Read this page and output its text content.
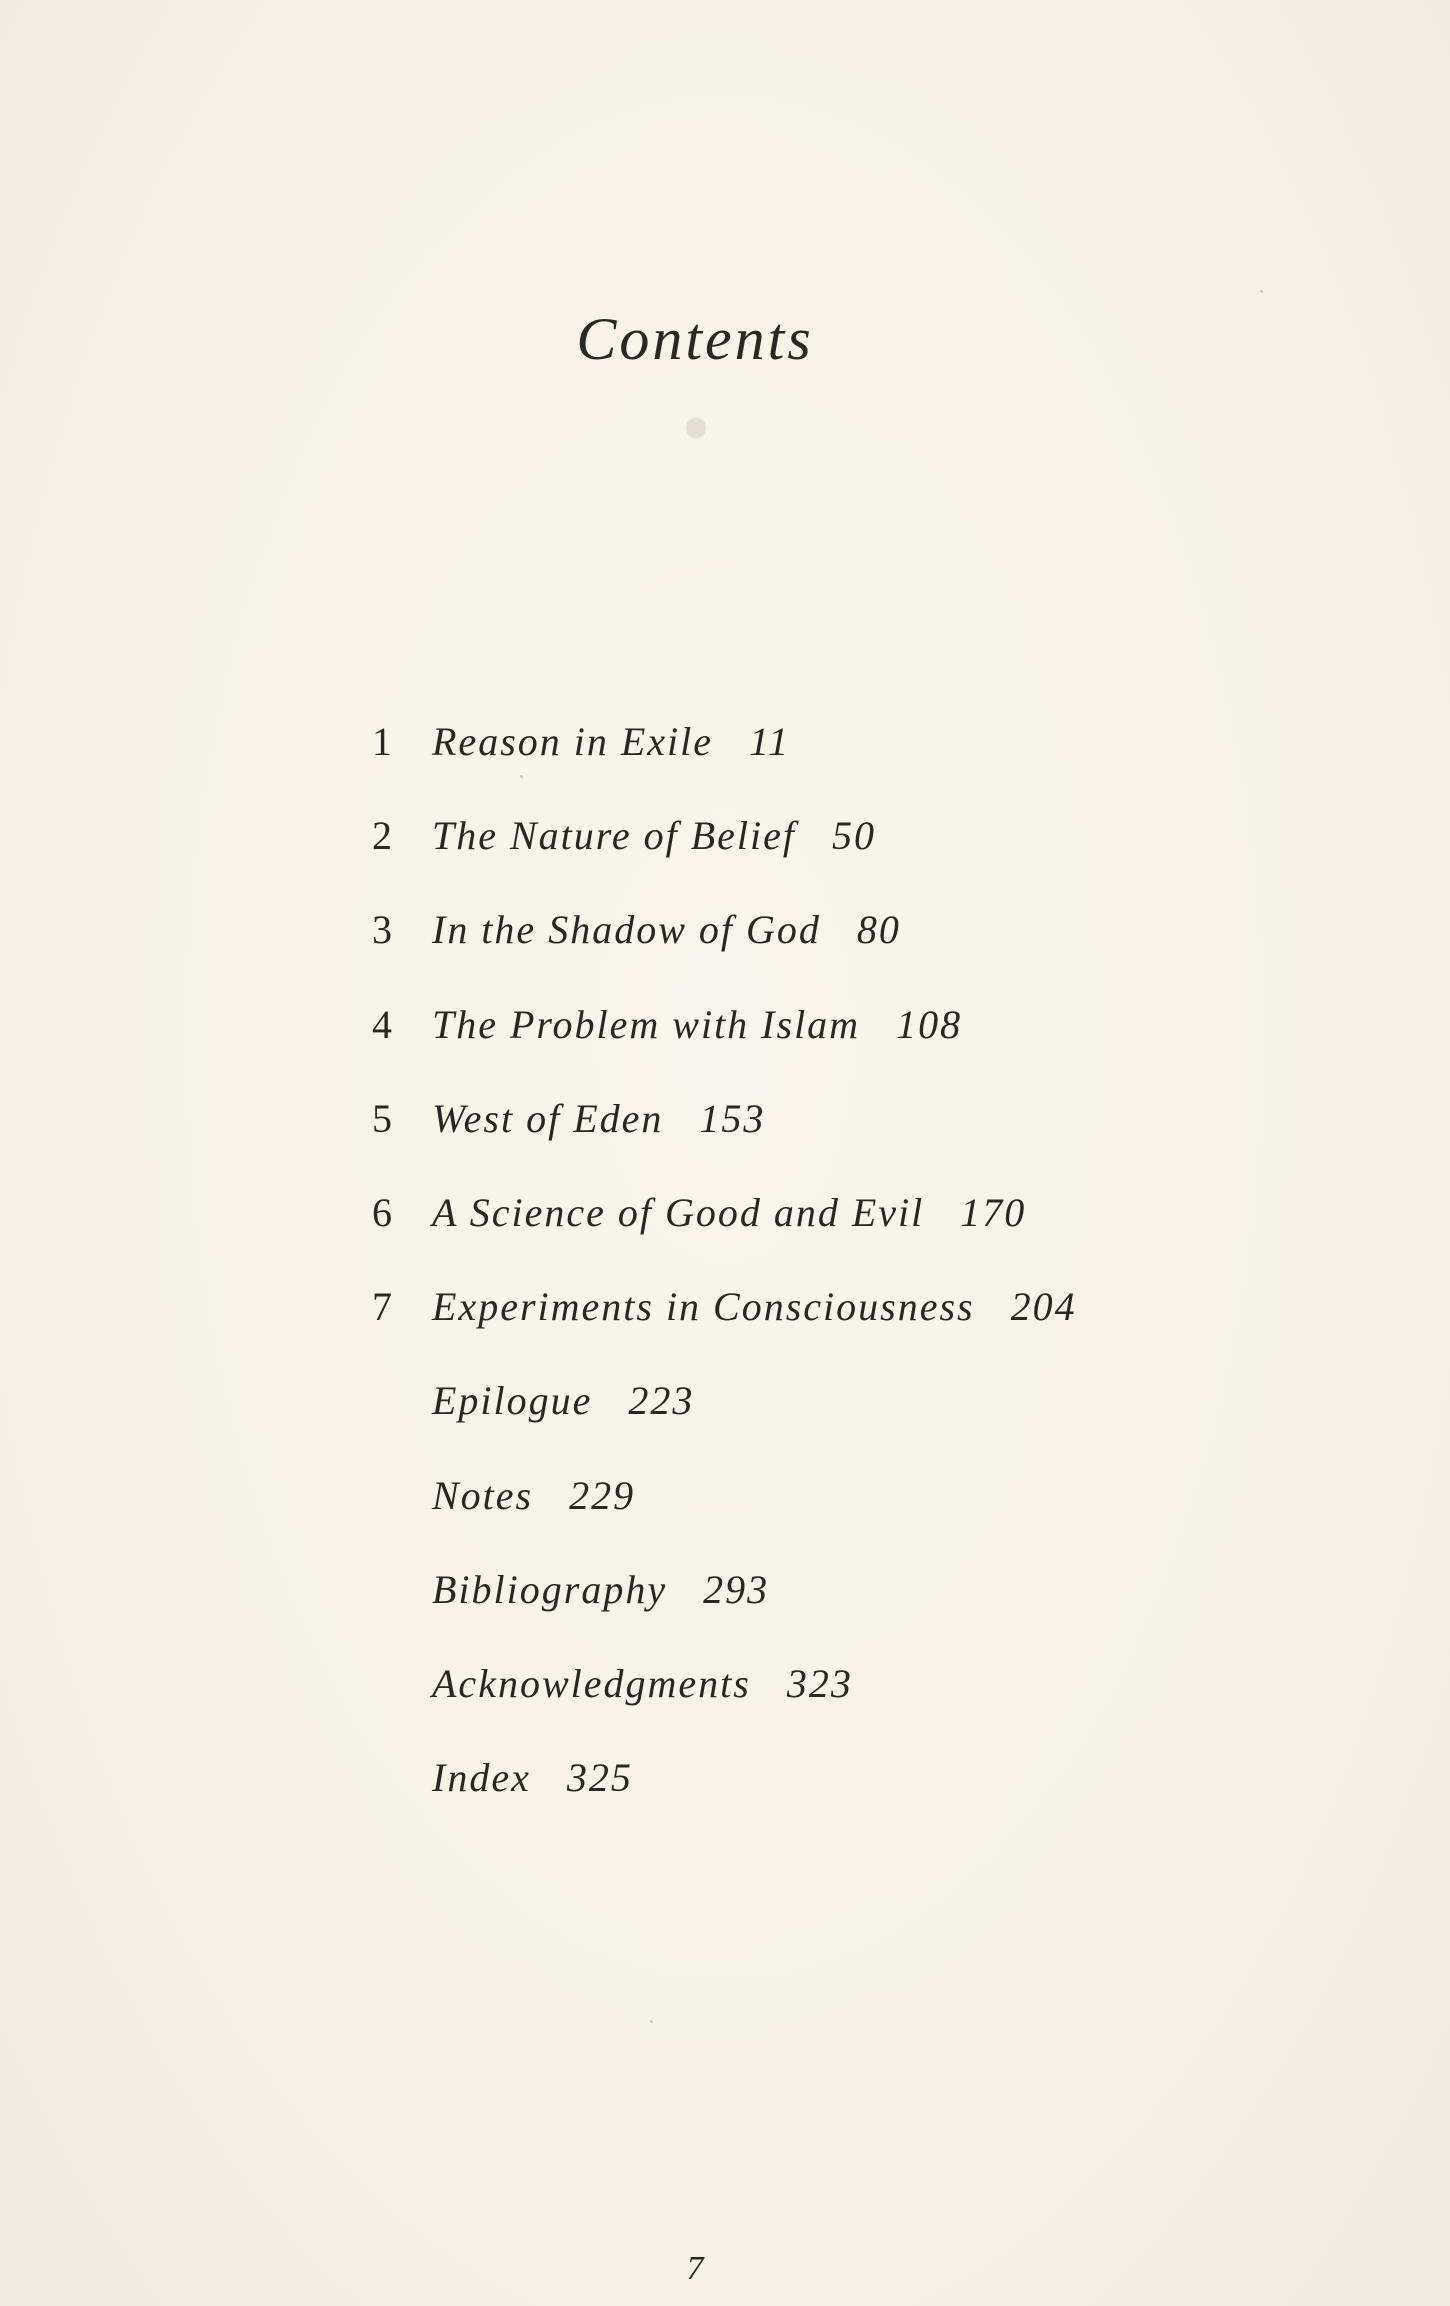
Contents
1 Reason in Exile 11
2 The Nature of Belief 50
3 In the Shadow of God 80
4 The Problem with Islam 108
5 West of Eden 153
6 A Science of Good and Evil 170
7 Experiments in Consciousness 204
Epilogue 223
Notes 229
Bibliography 293
Acknowledgments 323
Index 325
7
